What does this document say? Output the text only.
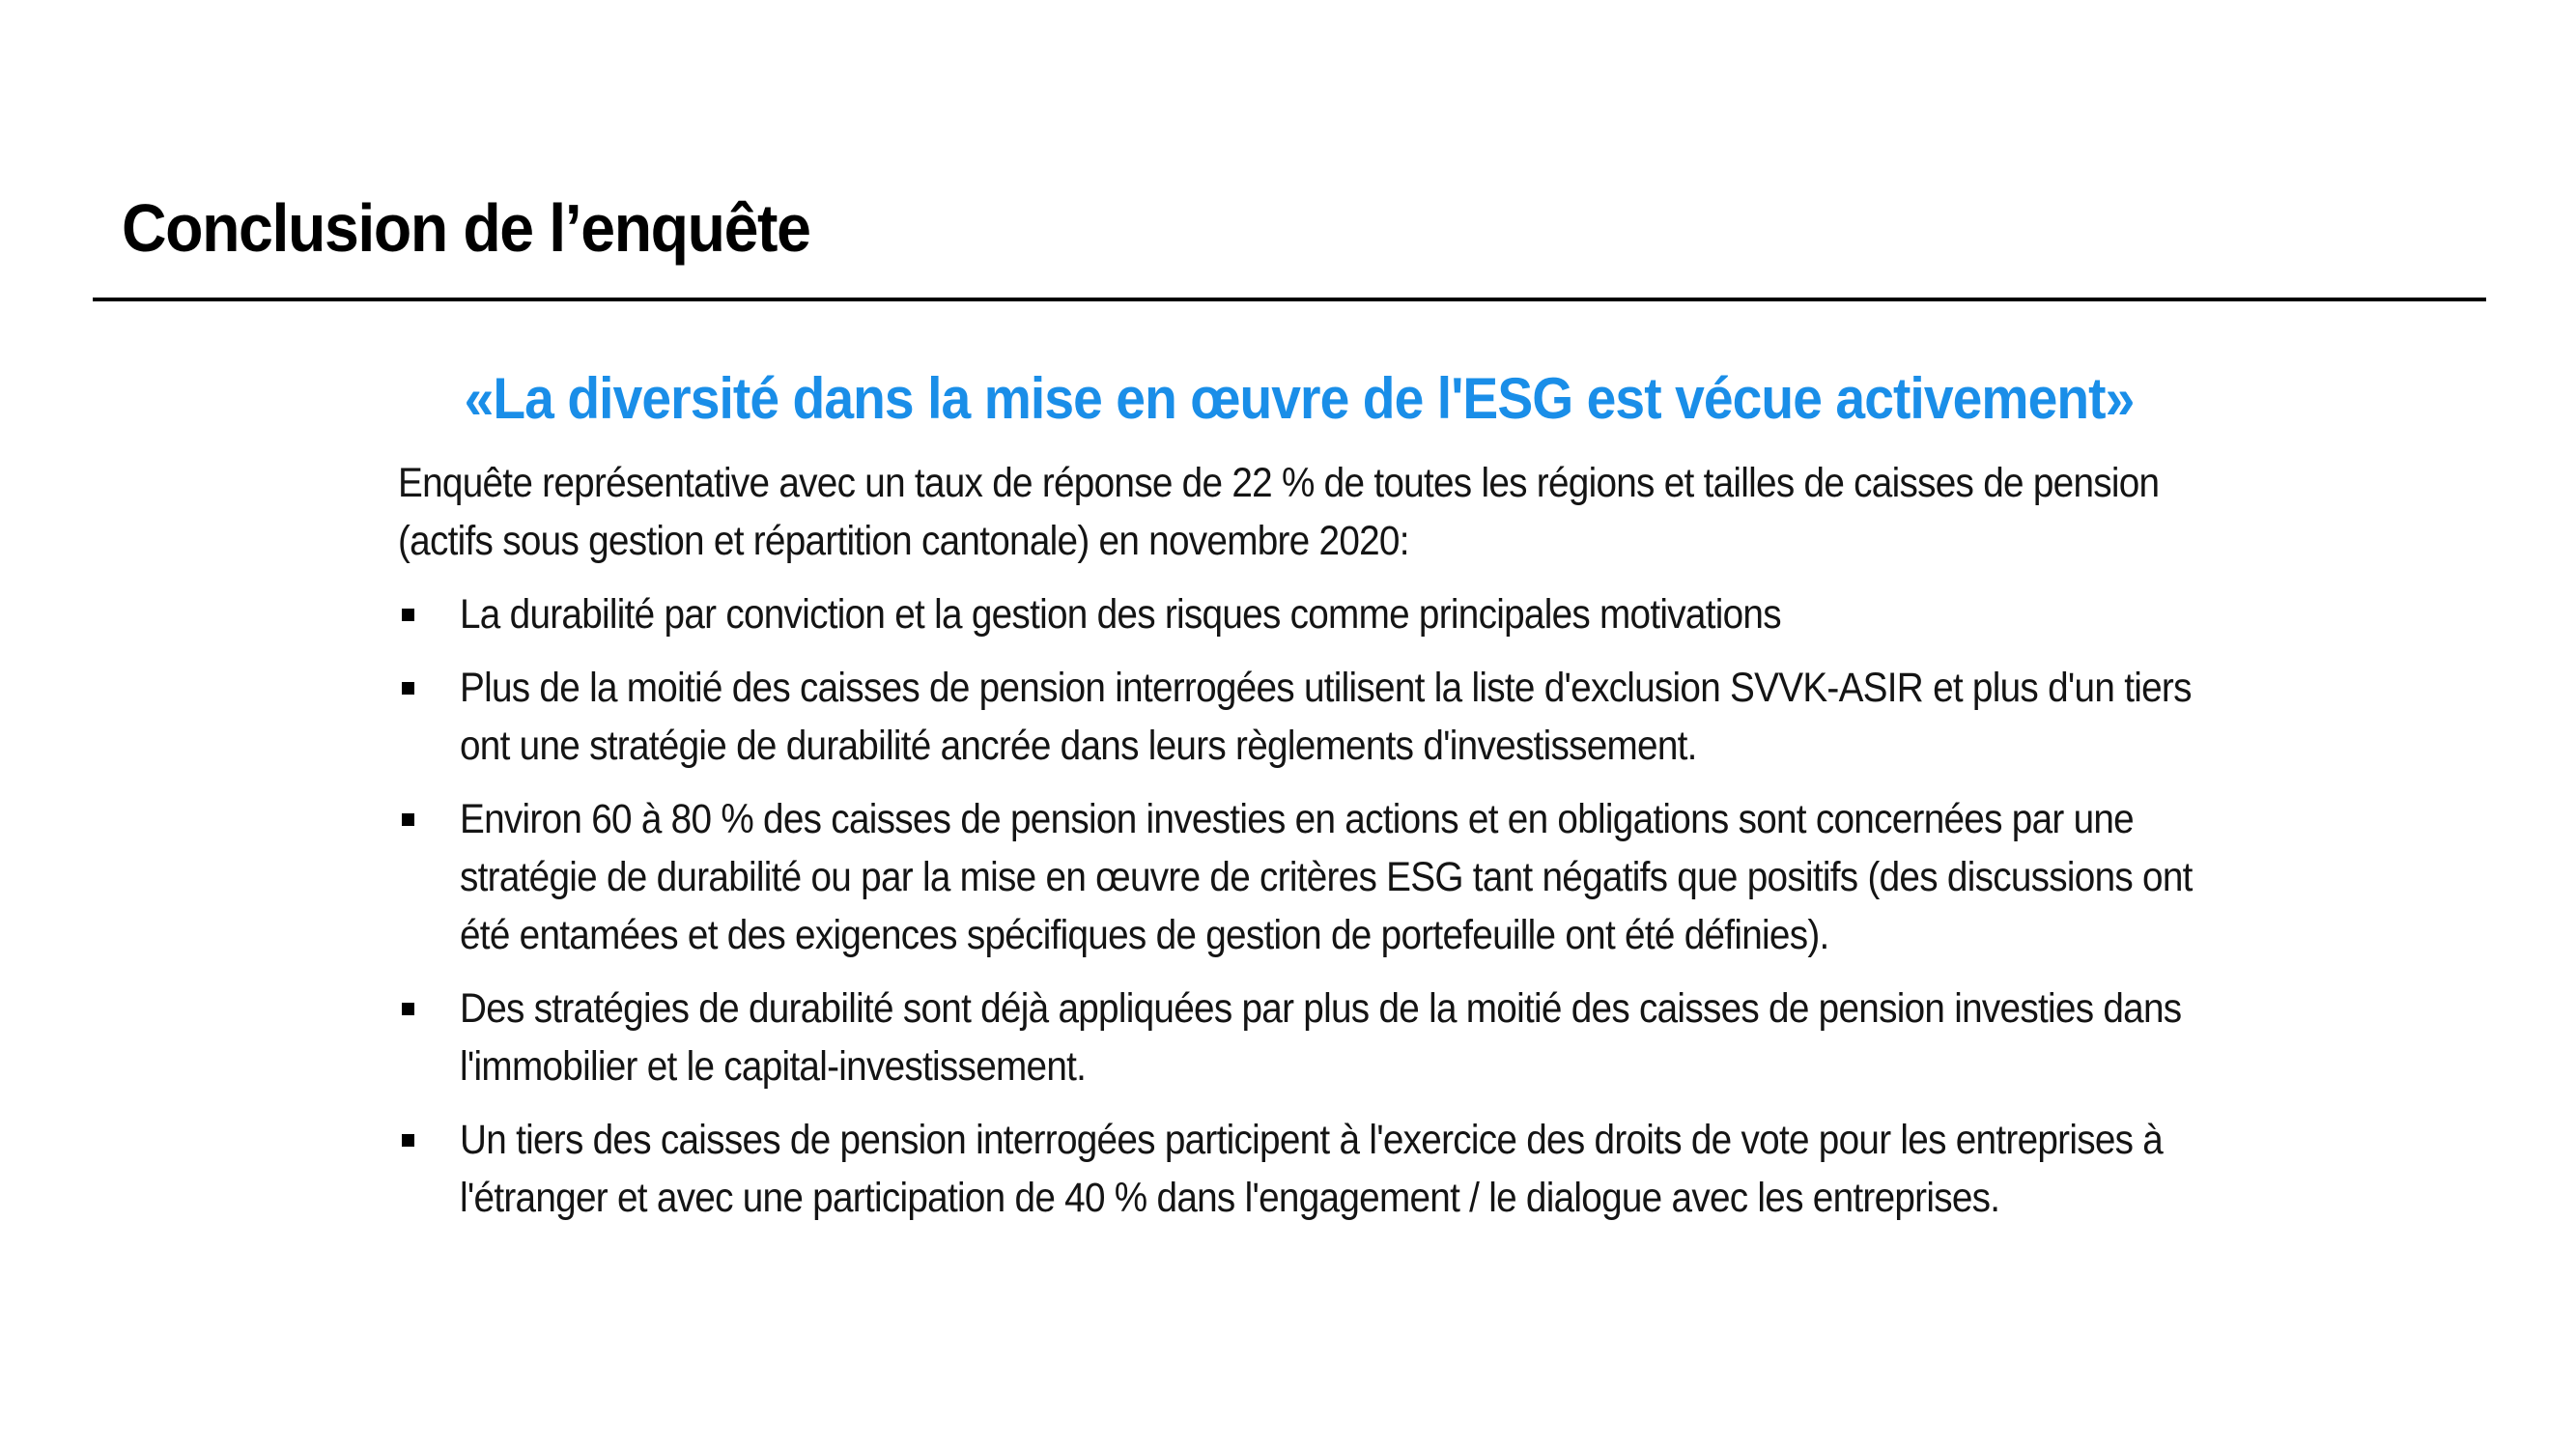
Conclusion de l’enquête

«La diversité dans la mise en œuvre de l'ESG est vécue activement»

Enquête représentative avec un taux de réponse de 22 % de toutes les régions et tailles de caisses de pension (actifs sous gestion et répartition cantonale) en novembre 2020:

La durabilité par conviction et la gestion des risques comme principales motivations
Plus de la moitié des caisses de pension interrogées utilisent la liste d'exclusion SVVK-ASIR et plus d'un tiers ont une stratégie de durabilité ancrée dans leurs règlements d'investissement.
Environ 60 à 80 % des caisses de pension investies en actions et en obligations sont concernées par une stratégie de durabilité ou par la mise en œuvre de critères ESG tant négatifs que positifs (des discussions ont été entamées et des exigences spécifiques de gestion de portefeuille ont été définies).
Des stratégies de durabilité sont déjà appliquées par plus de la moitié des caisses de pension investies dans l'immobilier et le capital-investissement.
Un tiers des caisses de pension interrogées participent à l'exercice des droits de vote pour les entreprises à l'étranger et avec une participation de 40 % dans l'engagement / le dialogue avec les entreprises.
